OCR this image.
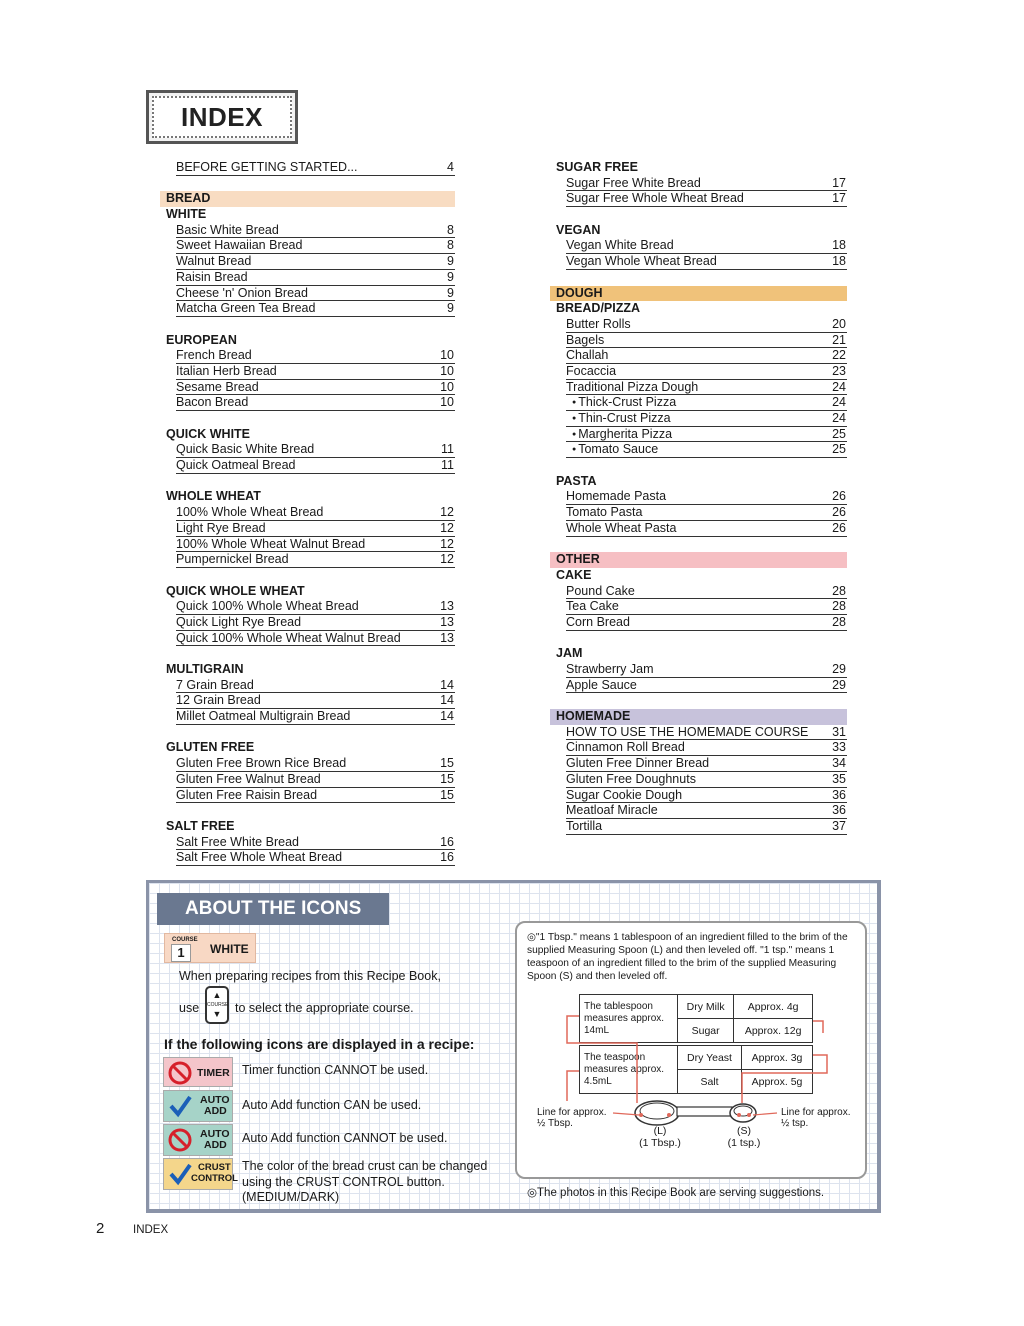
INDEX
BEFORE GETTING STARTED...	4
BREAD
WHITE
Basic White Bread	8
Sweet Hawaiian Bread	8
Walnut Bread	9
Raisin Bread	9
Cheese 'n' Onion Bread	9
Matcha Green Tea Bread	9
EUROPEAN
French Bread	10
Italian Herb Bread	10
Sesame Bread	10
Bacon Bread	10
QUICK WHITE
Quick Basic White Bread	11
Quick Oatmeal Bread	11
WHOLE WHEAT
100% Whole Wheat Bread	12
Light Rye Bread	12
100% Whole Wheat Walnut Bread	12
Pumpernickel Bread	12
QUICK WHOLE WHEAT
Quick 100% Whole Wheat Bread	13
Quick Light Rye Bread	13
Quick 100% Whole Wheat Walnut Bread	13
MULTIGRAIN
7 Grain Bread	14
12 Grain Bread	14
Millet Oatmeal Multigrain Bread	14
GLUTEN FREE
Gluten Free Brown Rice Bread	15
Gluten Free Walnut Bread	15
Gluten Free Raisin Bread	15
SALT FREE
Salt Free White Bread	16
Salt Free Whole Wheat Bread	16
SUGAR FREE
Sugar Free White Bread	17
Sugar Free Whole Wheat Bread	17
VEGAN
Vegan White Bread	18
Vegan Whole Wheat Bread	18
DOUGH
BREAD/PIZZA
Butter Rolls	20
Bagels	21
Challah	22
Focaccia	23
Traditional Pizza Dough	24
● Thick-Crust Pizza	24
● Thin-Crust Pizza	24
● Margherita Pizza	25
● Tomato Sauce	25
PASTA
Homemade Pasta	26
Tomato Pasta	26
Whole Wheat Pasta	26
OTHER
CAKE
Pound Cake	28
Tea Cake	28
Corn Bread	28
JAM
Strawberry Jam	29
Apple Sauce	29
HOMEMADE
HOW TO USE THE HOMEMADE COURSE 31
Cinnamon Roll Bread	33
Gluten Free Dinner Bread	34
Gluten Free Doughnuts	35
Sugar Cookie Dough	36
Meatloaf Miracle	36
Tortilla	37
ABOUT THE ICONS
COURSE
1	WHITE
When preparing recipes from this Recipe Book,
use
▲
COURSE
▼	to select the appropriate course.
If the following icons are displayed in a recipe:
TIMER Timer function CANNOT be used.
AUTO
ADD Auto Add function CAN be used.
AUTO
ADD Auto Add function CANNOT be used.
CRUST
CONTROL
The color of the bread crust can be changed
using the CRUST CONTROL button.
(MEDIUM/DARK)

◎"1 Tbsp." means 1 tablespoon of an ingredient filled to the brim of the supplied Measuring Spoon (L) and then leveled off. "1 tsp." means 1 teaspoon of an ingredient filled to the brim of the supplied Measuring Spoon (S) and then leveled off.

The tablespoon measures approx. 14mL	Dry Milk	Approx. 4g
	Sugar	Approx. 12g
The teaspoon measures approx. 4.5mL	Dry Yeast	Approx. 3g
	Salt	Approx. 5g
Line for approx.
½ Tbsp.
Line for approx.
½ tsp.
(L)
(1 Tbsp.)
(S)
(1 tsp.)
◎The photos in this Recipe Book are serving suggestions.
2 INDEX
